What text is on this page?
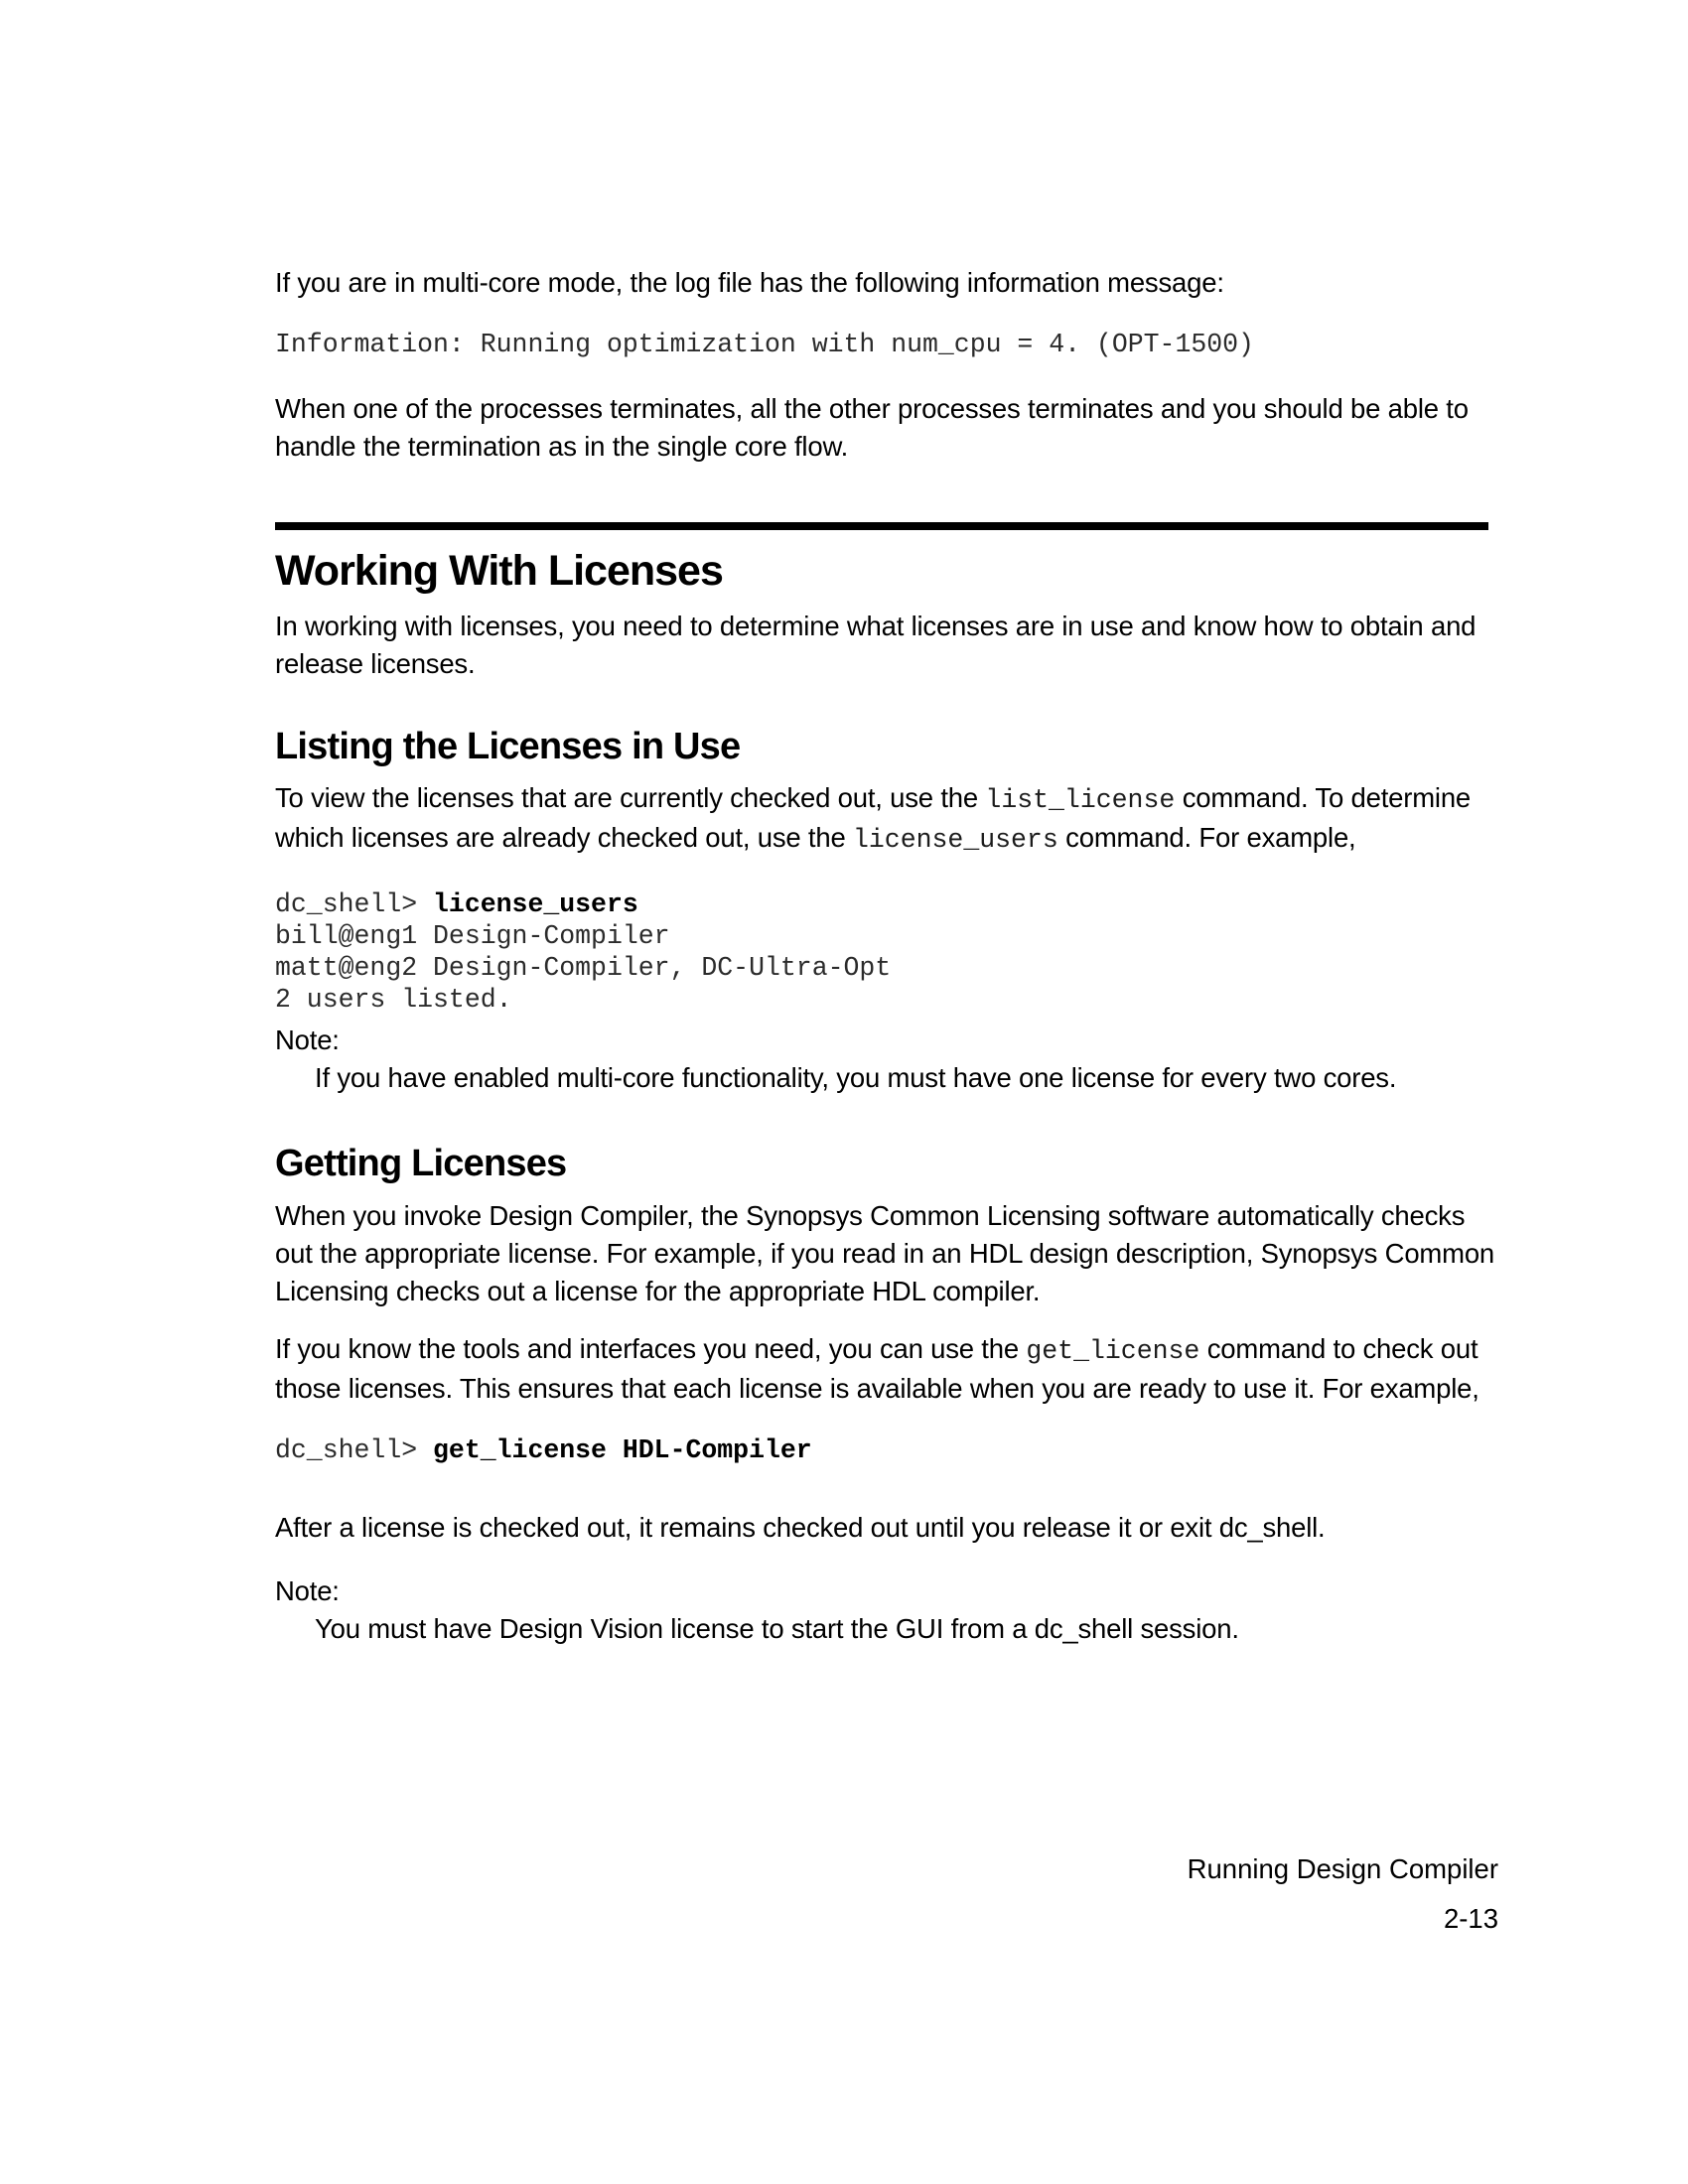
If you are in multi-core mode, the log file has the following information message:

Information: Running optimization with num_cpu = 4. (OPT-1500)

When one of the processes terminates, all the other processes terminates and you should be able to handle the termination as in the single core flow.

Working With Licenses

In working with licenses, you need to determine what licenses are in use and know how to obtain and release licenses.

Listing the Licenses in Use

To view the licenses that are currently checked out, use the list_license command. To determine which licenses are already checked out, use the license_users command. For example,

dc_shell> license_users
bill@eng1 Design-Compiler
matt@eng2 Design-Compiler, DC-Ultra-Opt
2 users listed.

Note:

If you have enabled multi-core functionality, you must have one license for every two cores.

Getting Licenses

When you invoke Design Compiler, the Synopsys Common Licensing software automatically checks out the appropriate license. For example, if you read in an HDL design description, Synopsys Common Licensing checks out a license for the appropriate HDL compiler.

If you know the tools and interfaces you need, you can use the get_license command to check out those licenses. This ensures that each license is available when you are ready to use it. For example,

dc_shell> get_license HDL-Compiler

After a license is checked out, it remains checked out until you release it or exit dc_shell.

Note:

You must have Design Vision license to start the GUI from a dc_shell session.

Running Design Compiler
2-13
